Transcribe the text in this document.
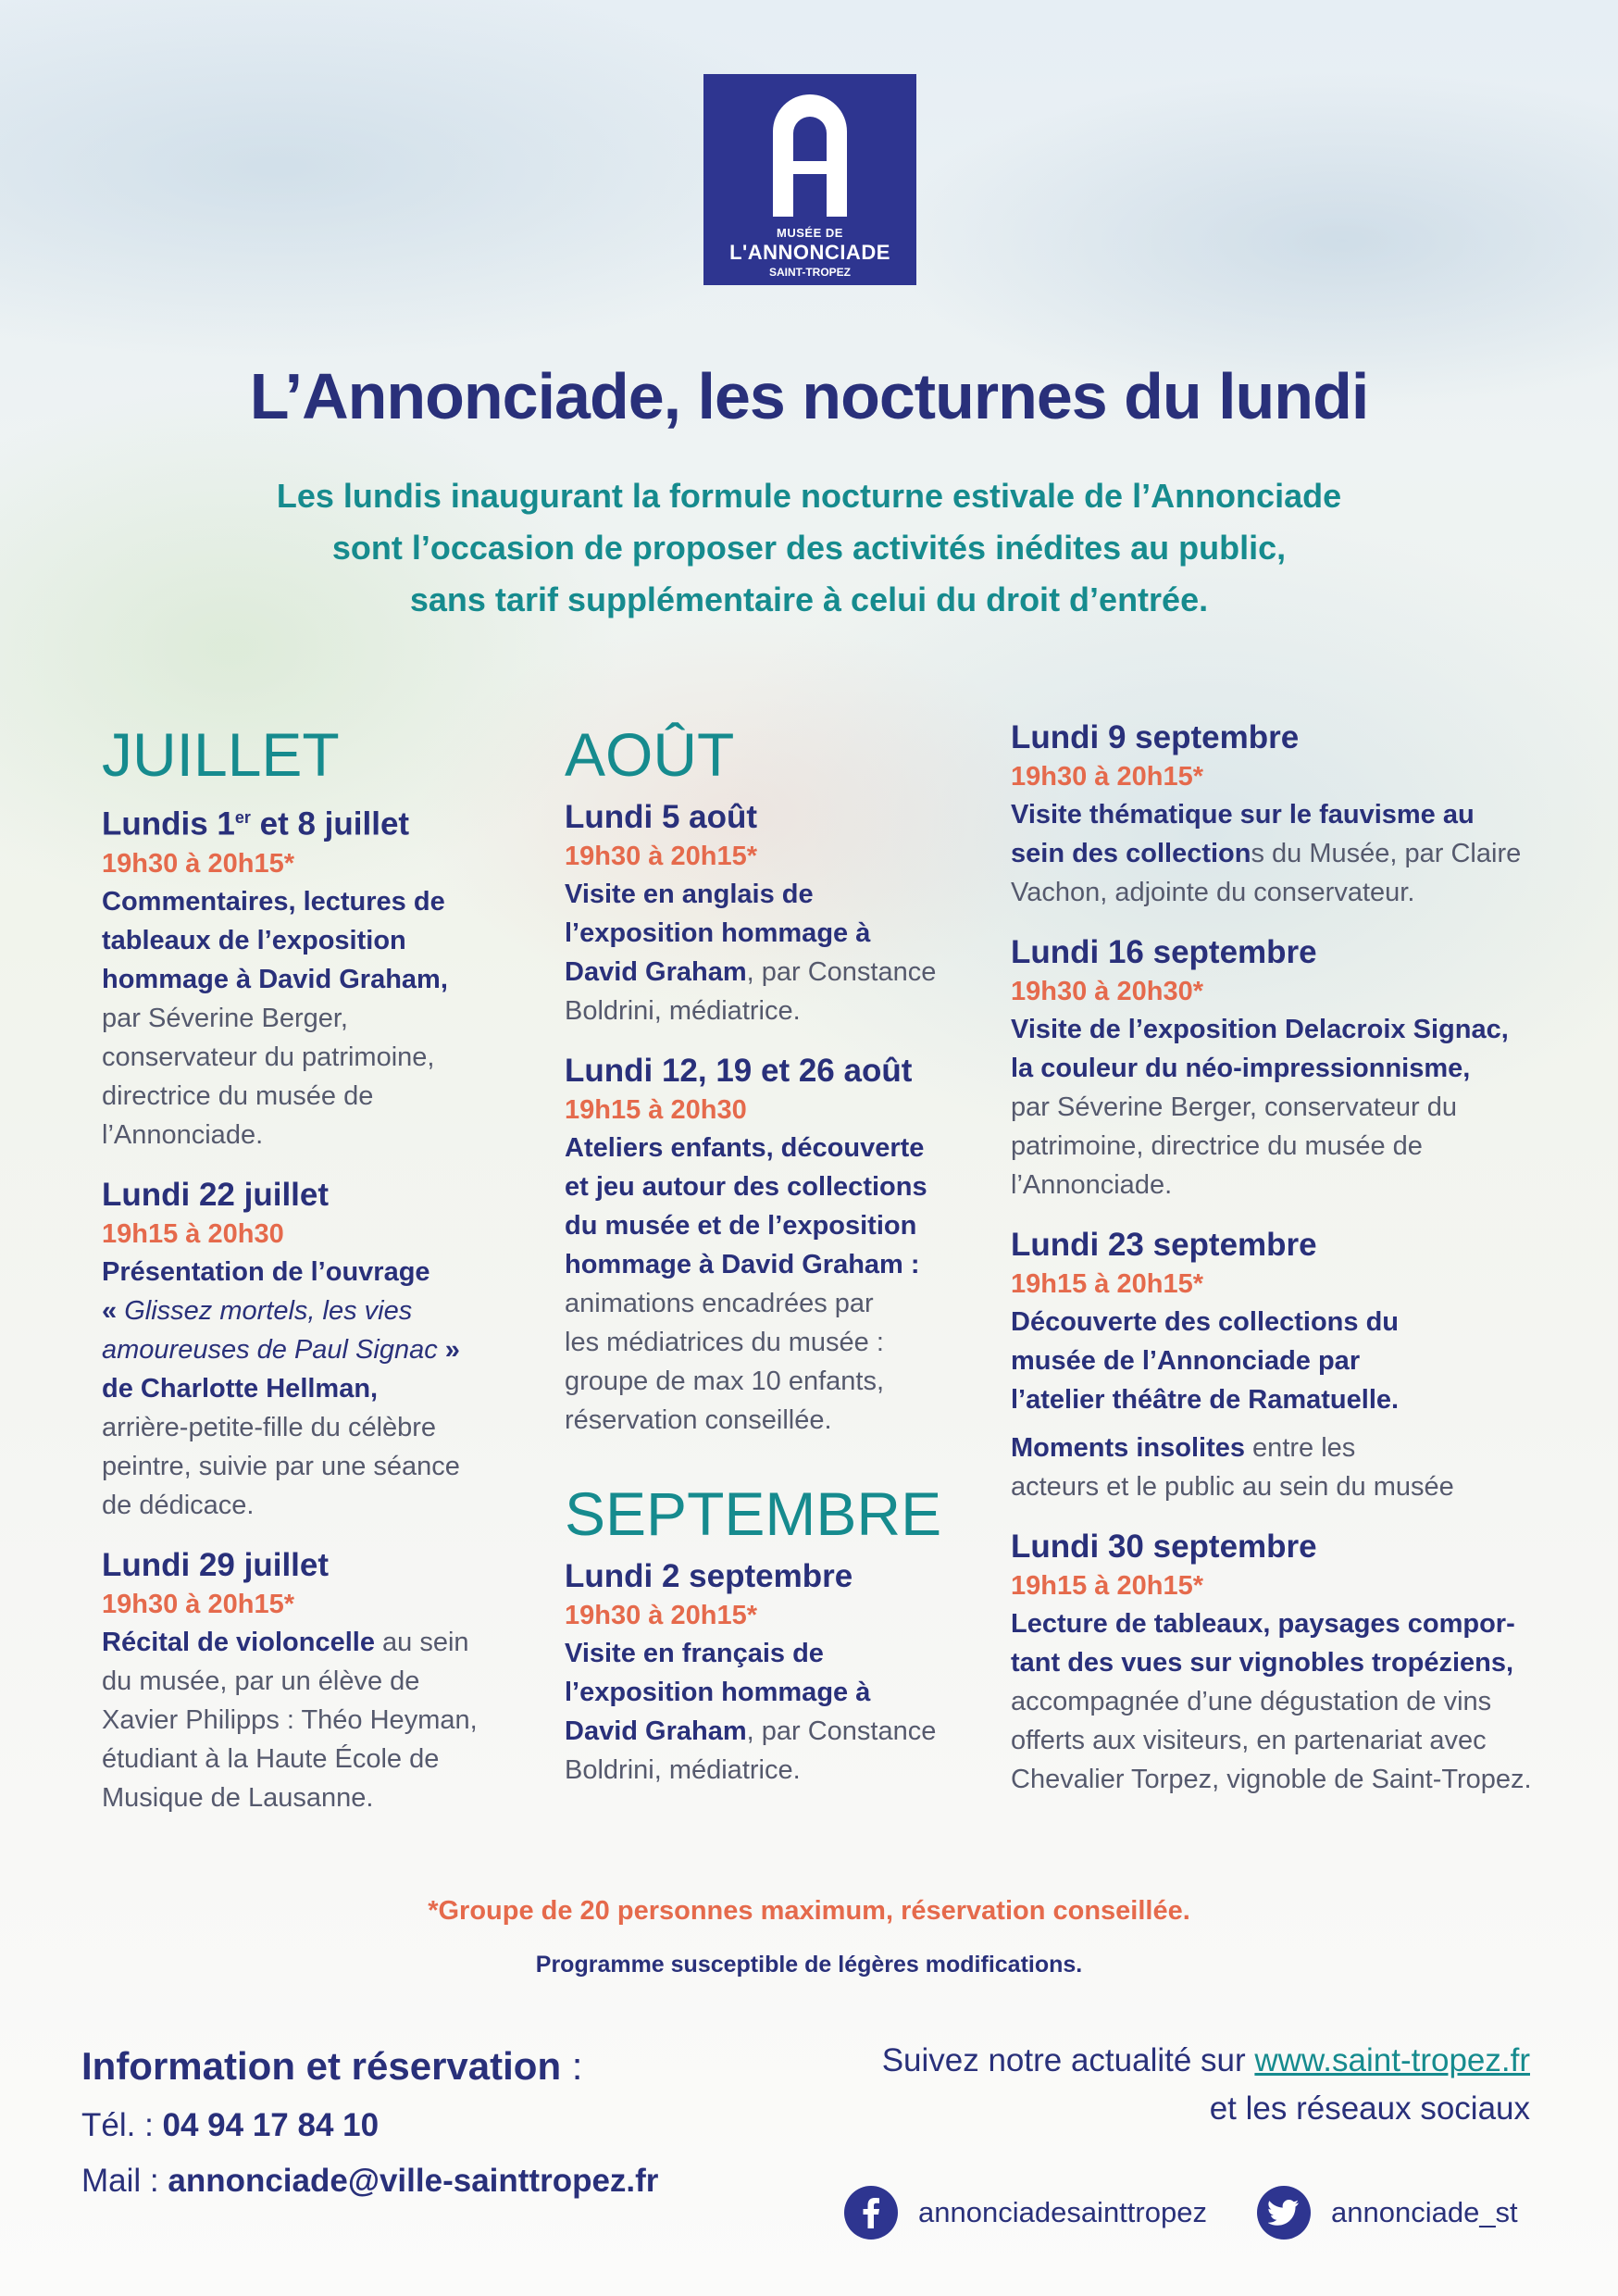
MUSÉE DE
L'ANNONCIADE
SAINT-TROPEZ
L’Annonciade, les nocturnes du lundi
Les lundis inaugurant la formule nocturne estivale de l’Annonciade
sont l’occasion de proposer des activités inédites au public,
sans tarif supplémentaire à celui du droit d’entrée.
JUILLET
Lundis 1er et 8 juillet
19h30 à 20h15*
Commentaires, lectures de
tableaux de l’exposition
hommage à David Graham,
par Séverine Berger,
conservateur du patrimoine,
directrice du musée de
l’Annonciade.
Lundi 22 juillet
19h15 à 20h30
Présentation de l’ouvrage
« Glissez mortels, les vies
amoureuses de Paul Signac »
de Charlotte Hellman,
arrière-petite-fille du célèbre
peintre, suivie par une séance
de dédicace.
Lundi 29 juillet
19h30 à 20h15*
Récital de violoncelle au sein
du musée, par un élève de
Xavier Philipps : Théo Heyman,
étudiant à la Haute École de
Musique de Lausanne.
AOÛT
Lundi 5 août
19h30 à 20h15*
Visite en anglais de
l’exposition hommage à
David Graham, par Constance
Boldrini, médiatrice.
Lundi 12, 19 et 26 août
19h15 à 20h30
Ateliers enfants, découverte
et jeu autour des collections
du musée et de l’exposition
hommage à David Graham :
animations encadrées par
les médiatrices du musée :
groupe de max 10 enfants,
réservation conseillée.
SEPTEMBRE
Lundi 2 septembre
19h30 à 20h15*
Visite en français de
l’exposition hommage à
David Graham, par Constance
Boldrini, médiatrice.
Lundi 9 septembre
19h30 à 20h15*
Visite thématique sur le fauvisme au
sein des collections du Musée, par Claire
Vachon, adjointe du conservateur.
Lundi 16 septembre
19h30 à 20h30*
Visite de l’exposition Delacroix Signac,
la couleur du néo-impressionnisme,
par Séverine Berger, conservateur du
patrimoine, directrice du musée de
l’Annonciade.
Lundi 23 septembre
19h15 à 20h15*
Découverte des collections du
musée de l’Annonciade par
l’atelier théâtre de Ramatuelle.
Moments insolites entre les
acteurs et le public au sein du musée
Lundi 30 septembre
19h15 à 20h15*
Lecture de tableaux, paysages compor-
tant des vues sur vignobles tropéziens,
accompagnée d’une dégustation de vins
offerts aux visiteurs, en partenariat avec
Chevalier Torpez, vignoble de Saint-Tropez.
*Groupe de 20 personnes maximum, réservation conseillée.
Programme susceptible de légères modifications.
Information et réservation :
Tél. : 04 94 17 84 10
Mail : annonciade@ville-sainttropez.fr
Suivez notre actualité sur www.saint-tropez.fr
et les réseaux sociaux
annonciadesainttropez	annonciade_st
